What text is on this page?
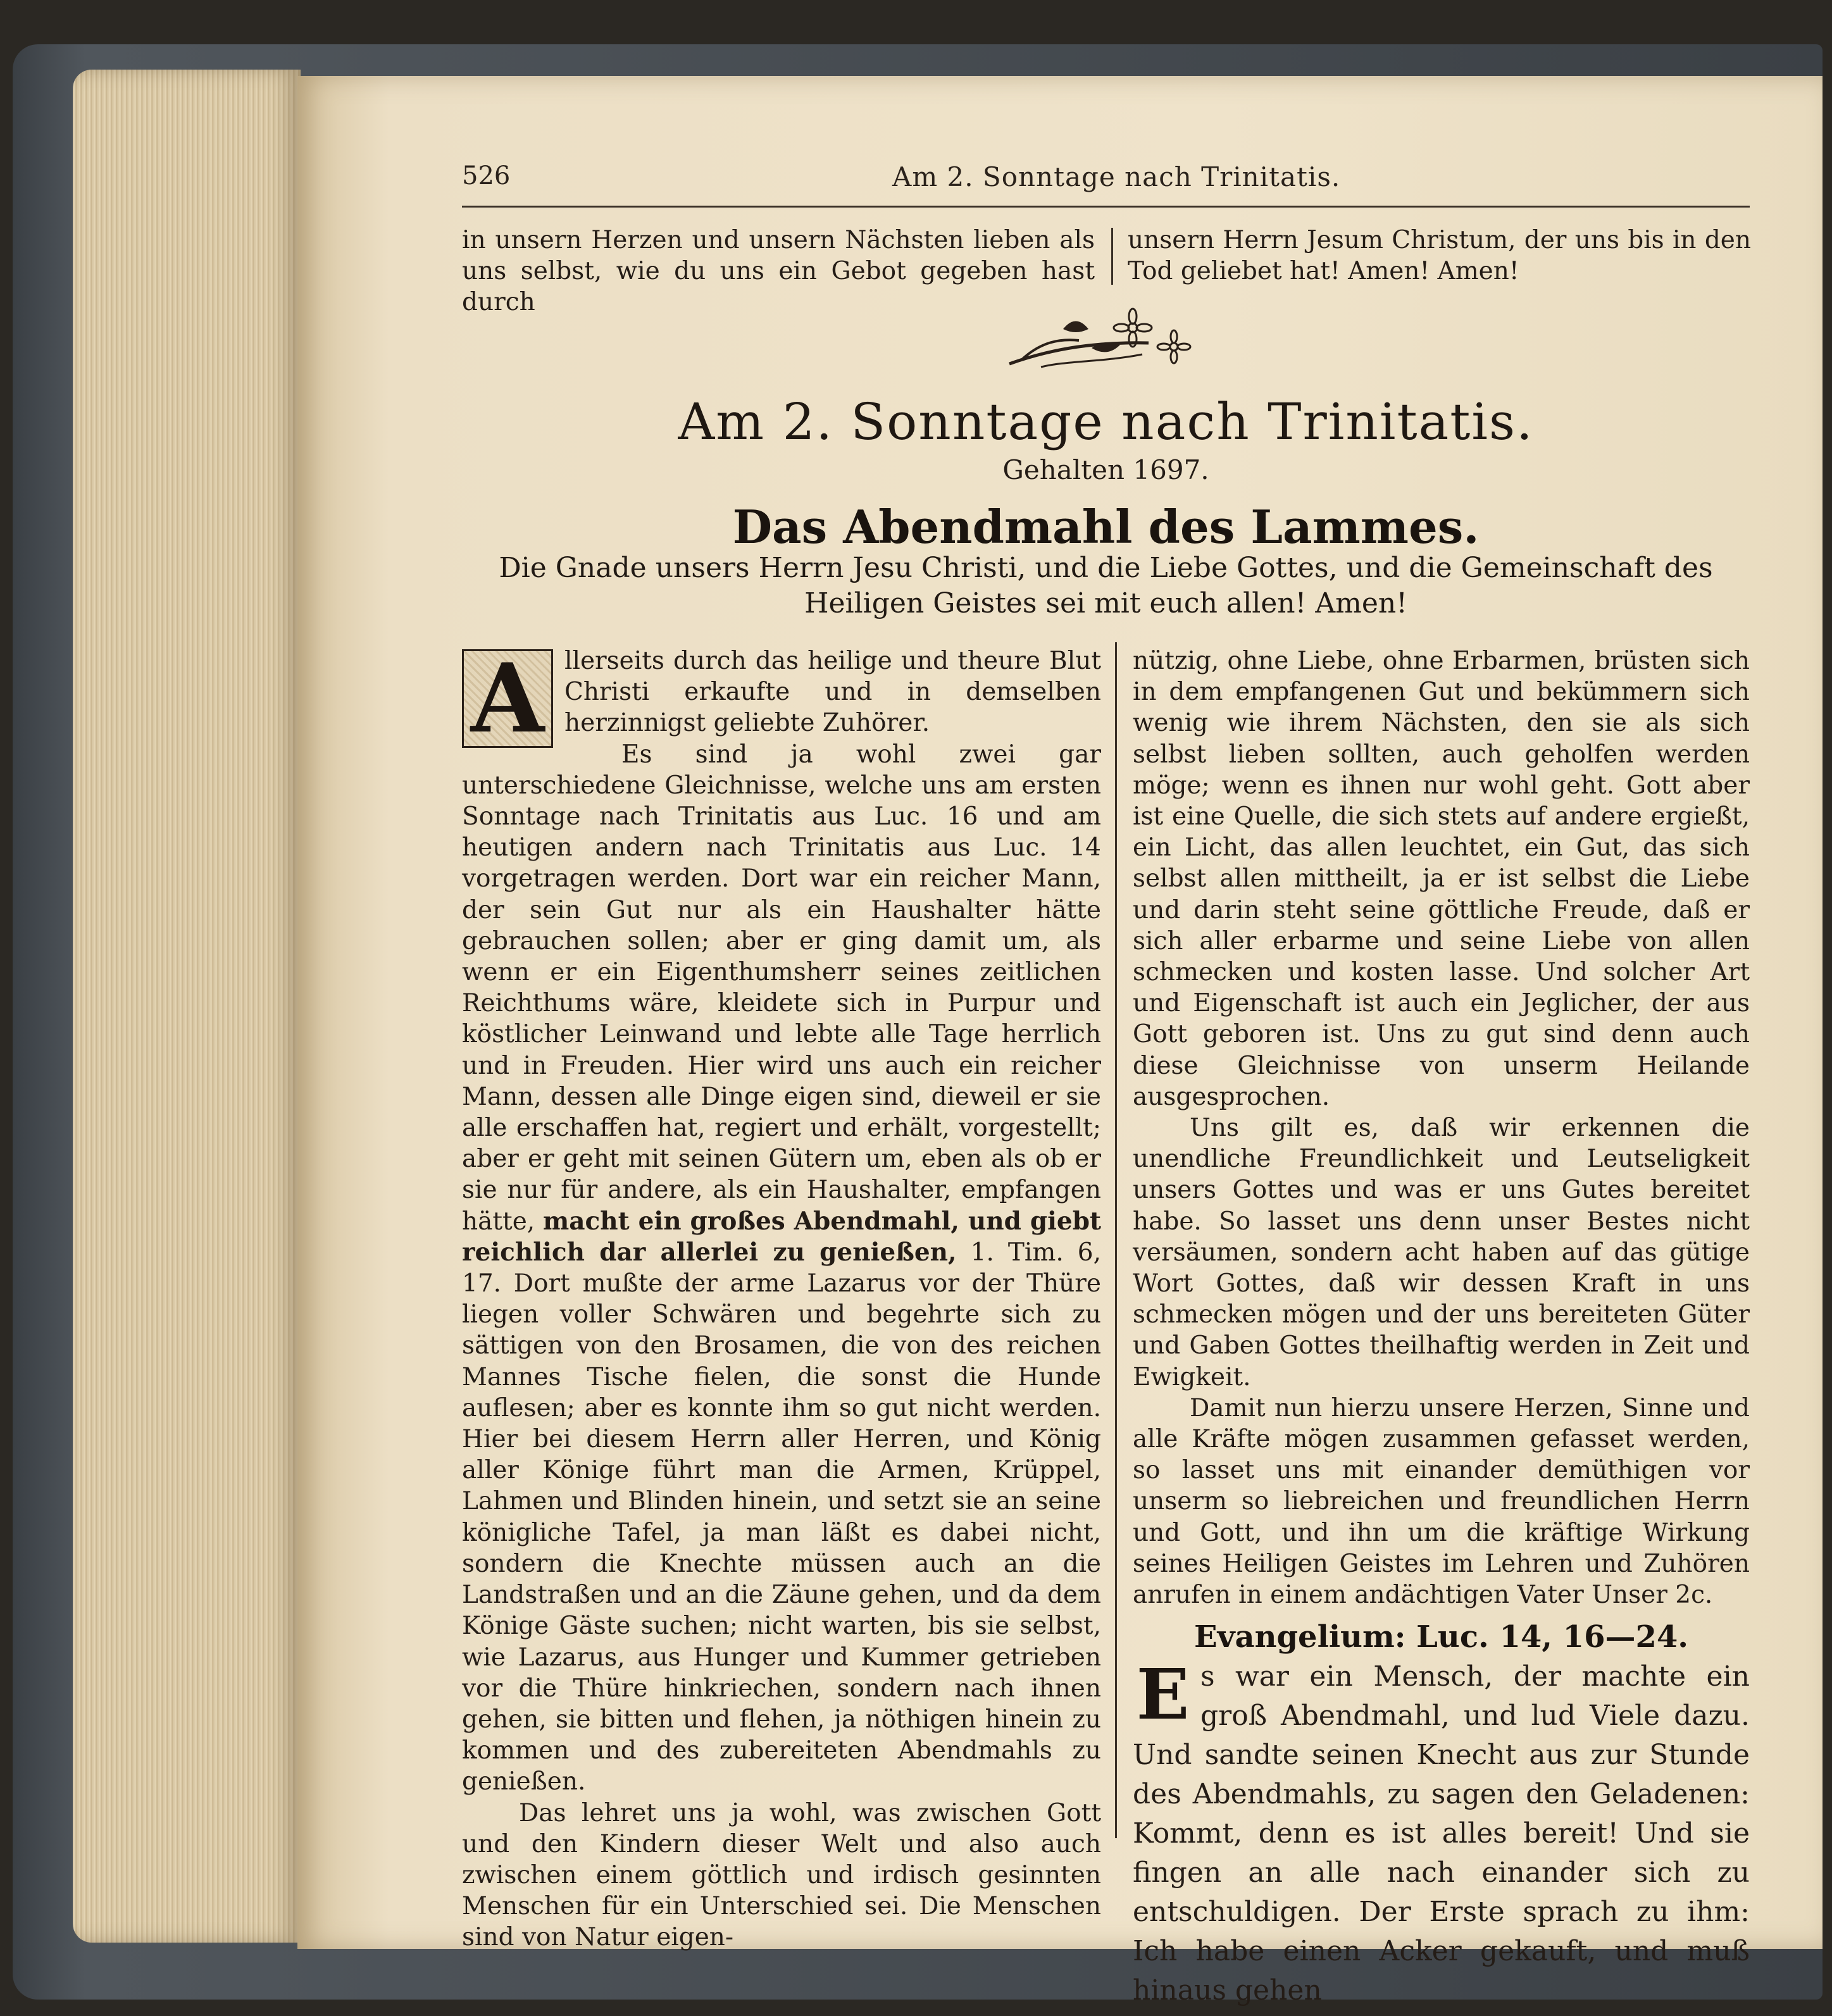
526	Am 2. Sonntage nach Trinitatis.
in unsern Herzen und unsern Nächsten lieben als uns selbst, wie du uns ein Gebot gegeben hast durch
unsern Herrn Jesum Christum, der uns bis in den Tod geliebet hat! Amen! Amen!
Am 2. Sonntage nach Trinitatis.
Gehalten 1697.
Das Abendmahl des Lammes.
Die Gnade unsers Herrn Jesu Christi, und die Liebe Gottes, und die Gemeinschaft des Heiligen Geistes sei mit euch allen! Amen!

A llerseits durch das heilige und theure Blut Christi erkaufte und in demselben herzinnigst geliebte Zuhörer.

Es sind ja wohl zwei gar unterschiedene Gleichnisse, welche uns am ersten Sonntage nach Trinitatis aus Luc. 16 und am heutigen andern nach Trinitatis aus Luc. 14 vorgetragen werden. Dort war ein reicher Mann, der sein Gut nur als ein Haushalter hätte gebrauchen sollen; aber er ging damit um, als wenn er ein Eigenthumsherr seines zeitlichen Reichthums wäre, kleidete sich in Purpur und köstlicher Leinwand und lebte alle Tage herrlich und in Freuden. Hier wird uns auch ein reicher Mann, dessen alle Dinge eigen sind, dieweil er sie alle erschaffen hat, regiert und erhält, vorgestellt; aber er geht mit seinen Gütern um, eben als ob er sie nur für andere, als ein Haushalter, empfangen hätte, macht ein großes Abendmahl, und giebt reichlich dar allerlei zu genießen, 1. Tim. 6, 17. Dort mußte der arme Lazarus vor der Thüre liegen voller Schwären und begehrte sich zu sättigen von den Brosamen, die von des reichen Mannes Tische fielen, die sonst die Hunde auflesen; aber es konnte ihm so gut nicht werden. Hier bei diesem Herrn aller Herren, und König aller Könige führt man die Armen, Krüppel, Lahmen und Blinden hinein, und setzt sie an seine königliche Tafel, ja man läßt es dabei nicht, sondern die Knechte müssen auch an die Landstraßen und an die Zäune gehen, und da dem Könige Gäste suchen; nicht warten, bis sie selbst, wie Lazarus, aus Hunger und Kummer getrieben vor die Thüre hinkriechen, sondern nach ihnen gehen, sie bitten und flehen, ja nöthigen hinein zu kommen und des zubereiteten Abendmahls zu genießen.

Das lehret uns ja wohl, was zwischen Gott und den Kindern dieser Welt und also auch zwischen einem göttlich und irdisch gesinnten Menschen für ein Unterschied sei. Die Menschen sind von Natur eigen-

nützig, ohne Liebe, ohne Erbarmen, brüsten sich in dem empfangenen Gut und bekümmern sich wenig wie ihrem Nächsten, den sie als sich selbst lieben sollten, auch geholfen werden möge; wenn es ihnen nur wohl geht. Gott aber ist eine Quelle, die sich stets auf andere ergießt, ein Licht, das allen leuchtet, ein Gut, das sich selbst allen mittheilt, ja er ist selbst die Liebe und darin steht seine göttliche Freude, daß er sich aller erbarme und seine Liebe von allen schmecken und kosten lasse. Und solcher Art und Eigenschaft ist auch ein Jeglicher, der aus Gott geboren ist. Uns zu gut sind denn auch diese Gleichnisse von unserm Heilande ausgesprochen.

Uns gilt es, daß wir erkennen die unendliche Freundlichkeit und Leutseligkeit unsers Gottes und was er uns Gutes bereitet habe. So lasset uns denn unser Bestes nicht versäumen, sondern acht haben auf das gütige Wort Gottes, daß wir dessen Kraft in uns schmecken mögen und der uns bereiteten Güter und Gaben Gottes theilhaftig werden in Zeit und Ewigkeit.

Damit nun hierzu unsere Herzen, Sinne und alle Kräfte mögen zusammen gefasset werden, so lasset uns mit einander demüthigen vor unserm so liebreichen und freundlichen Herrn und Gott, und ihn um die kräftige Wirkung seines Heiligen Geistes im Lehren und Zuhören anrufen in einem andächtigen Vater Unser 2c.

Evangelium: Luc. 14, 16—24.

Es war ein Mensch, der machte ein groß Abendmahl, und lud Viele dazu. Und sandte seinen Knecht aus zur Stunde des Abendmahls, zu sagen den Geladenen: Kommt, denn es ist alles bereit! Und sie fingen an alle nach einander sich zu entschuldigen. Der Erste sprach zu ihm: Ich habe einen Acker gekauft, und muß hinaus gehen
